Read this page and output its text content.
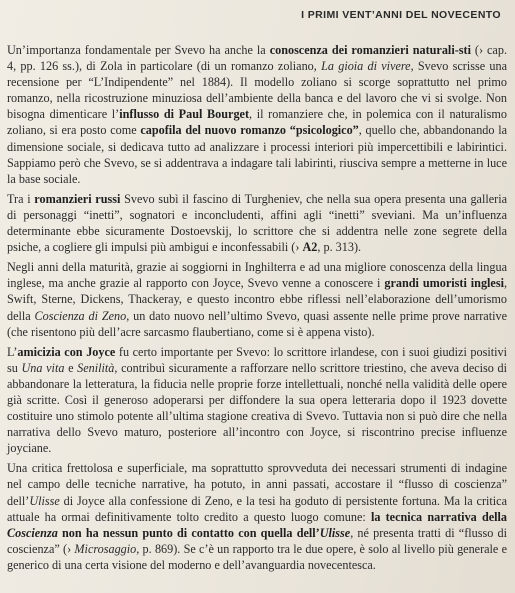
I PRIMI VENT’ANNI DEL NOVECENTO

Un’importanza fondamentale per Svevo ha anche la conoscenza dei romanzieri naturali-sti (› cap. 4, pp. 126 ss.), di Zola in particolare (di un romanzo zoliano, La gioia di vivere, Svevo scrisse una recensione per “L’Indipendente” nel 1884). Il modello zoliano si scorge soprattutto nel primo romanzo, nella ricostruzione minuziosa dell’ambiente della banca e del lavoro che vi si svolge. Non bisogna dimenticare l’influsso di Paul Bourget, il romanziere che, in polemica con il naturalismo zoliano, si era posto come capofila del nuovo romanzo “psicologico”, quello che, abbandonando la dimensione sociale, si dedicava tutto ad analizzare i processi interiori più impercettibili e labirintici. Sappiamo però che Svevo, se si addentrava a indagare tali labirinti, riusciva sempre a metterne in luce la base sociale.

Tra i romanzieri russi Svevo subì il fascino di Turgheniev, che nella sua opera presenta una galleria di personaggi “inetti”, sognatori e inconcludenti, affini agli “inetti” sveviani. Ma un’influenza determinante ebbe sicuramente Dostoevskij, lo scrittore che si addentra nelle zone segrete della psiche, a cogliere gli impulsi più ambigui e inconfessabili (› A2, p. 313).

Negli anni della maturità, grazie ai soggiorni in Inghilterra e ad una migliore conoscenza della lingua inglese, ma anche grazie al rapporto con Joyce, Svevo venne a conoscere i grandi umoristi inglesi, Swift, Sterne, Dickens, Thackeray, e questo incontro ebbe riflessi nell’elaborazione dell’umorismo della Coscienza di Zeno, un dato nuovo nell’ultimo Svevo, quasi assente nelle prime prove narrative (che risentono più dell’acre sarcasmo flaubertiano, come si è appena visto).

L’amicizia con Joyce fu certo importante per Svevo: lo scrittore irlandese, con i suoi giudizi positivi su Una vita e Senilità, contribuì sicuramente a rafforzare nello scrittore triestino, che aveva deciso di abbandonare la letteratura, la fiducia nelle proprie forze intellettuali, nonché nella validità delle opere già scritte. Così il generoso adoperarsi per diffondere la sua opera letteraria dopo il 1923 dovette costituire uno stimolo potente all’ultima stagione creativa di Svevo. Tuttavia non si può dire che nella narrativa dello Svevo maturo, posteriore all’incontro con Joyce, si riscontrino precise influenze joyciane.

Una critica frettolosa e superficiale, ma soprattutto sprovveduta dei necessari strumenti di indagine nel campo delle tecniche narrative, ha potuto, in anni passati, accostare il “flusso di coscienza” dell’Ulisse di Joyce alla confessione di Zeno, e la tesi ha goduto di persistente fortuna. Ma la critica attuale ha ormai definitivamente tolto credito a questo luogo comune: la tecnica narrativa della Coscienza non ha nessun punto di contatto con quella dell’Ulisse, né presenta tratti di “flusso di coscienza” (› Microsaggio, p. 869). Se c’è un rapporto tra le due opere, è solo al livello più generale e generico di una certa visione del moderno e dell’avanguardia novecentesca.
